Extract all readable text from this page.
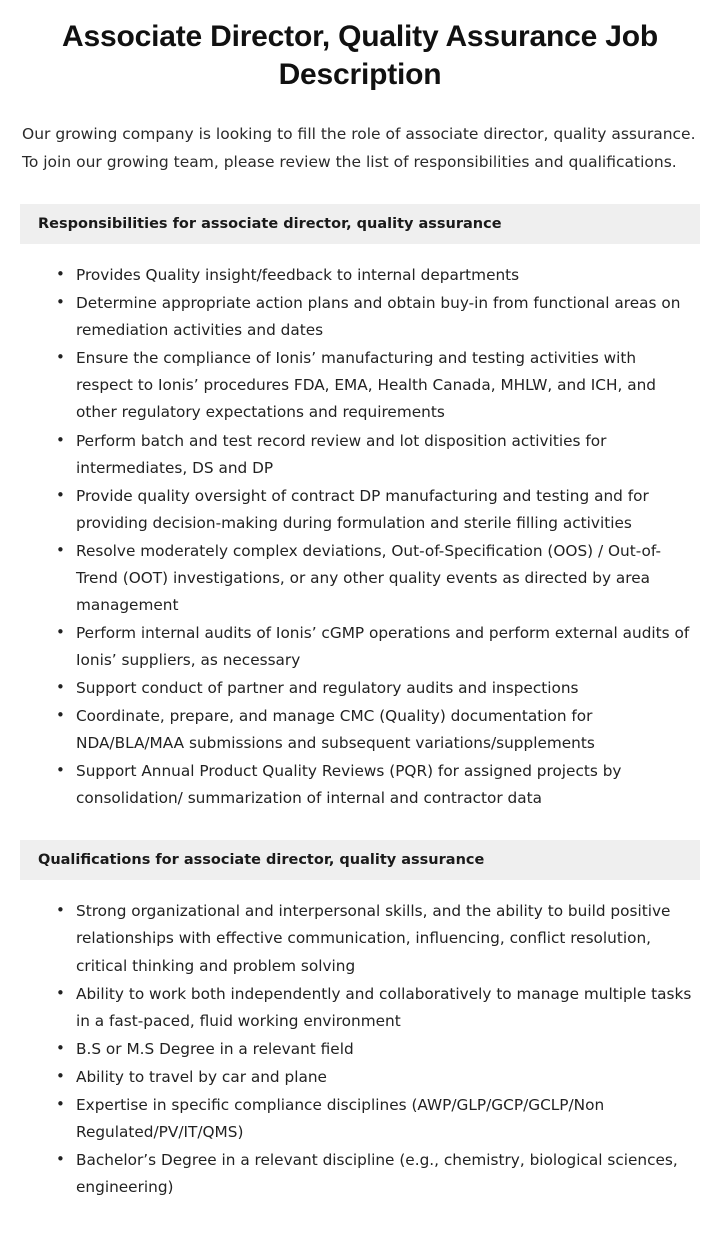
Associate Director, Quality Assurance Job Description

Our growing company is looking to fill the role of associate director, quality assurance. To join our growing team, please review the list of responsibilities and qualifications.

Responsibilities for associate director, quality assurance
• Provides Quality insight/feedback to internal departments
• Determine appropriate action plans and obtain buy-in from functional areas on remediation activities and dates
• Ensure the compliance of Ionis’ manufacturing and testing activities with respect to Ionis’ procedures FDA, EMA, Health Canada, MHLW, and ICH, and other regulatory expectations and requirements
• Perform batch and test record review and lot disposition activities for intermediates, DS and DP
• Provide quality oversight of contract DP manufacturing and testing and for providing decision-making during formulation and sterile filling activities
• Resolve moderately complex deviations, Out-of-Specification (OOS) / Out-of-Trend (OOT) investigations, or any other quality events as directed by area management
• Perform internal audits of Ionis’ cGMP operations and perform external audits of Ionis’ suppliers, as necessary
• Support conduct of partner and regulatory audits and inspections
• Coordinate, prepare, and manage CMC (Quality) documentation for NDA/BLA/MAA submissions and subsequent variations/supplements
• Support Annual Product Quality Reviews (PQR) for assigned projects by consolidation/ summarization of internal and contractor data
Qualifications for associate director, quality assurance
• Strong organizational and interpersonal skills, and the ability to build positive relationships with effective communication, influencing, conflict resolution, critical thinking and problem solving
• Ability to work both independently and collaboratively to manage multiple tasks in a fast-paced, fluid working environment
• B.S or M.S Degree in a relevant field
• Ability to travel by car and plane
• Expertise in specific compliance disciplines (AWP/GLP/GCP/GCLP/Non Regulated/PV/IT/QMS)
• Bachelor’s Degree in a relevant discipline (e.g., chemistry, biological sciences, engineering)
